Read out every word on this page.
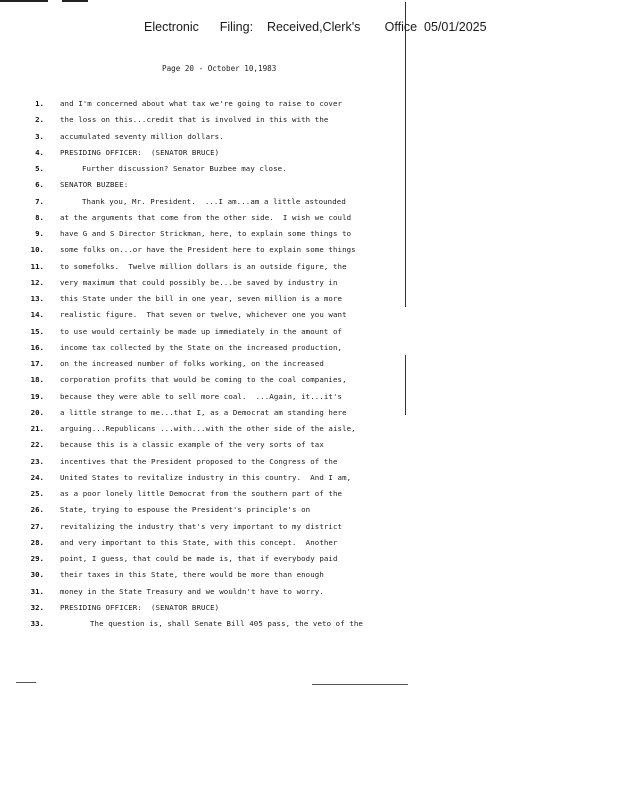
Electronic      Filing:    Received,Clerk's       Office  05/01/2025
Page 20 - October 10,1983
1. and I'm concerned about what tax we're going to raise to cover
2. the loss on this...credit that is involved in this with the
3. accumulated seventy million dollars.
4. PRESIDING OFFICER:  (SENATOR BRUCE)
5.	Further discussion? Senator Buzbee may close.
6. SENATOR BUZBEE:
7.	Thank you, Mr. President.  ...I am...am a little astounded
8. at the arguments that come from the other side.  I wish we could
9. have G and S Director Strickman, here, to explain some things to
10. some folks on...or have the President here to explain some things
11. to somefolks.  Twelve million dollars is an outside figure, the
12. very maximum that could possibly be...be saved by industry in
13. this State under the bill in one year, seven million is a more
14. realistic figure.  That seven or twelve, whichever one you want
15. to use would certainly be made up immediately in the amount of
16. income tax collected by the State on the increased production,
17. on the increased number of folks working, on the increased
18. corporation profits that would be coming to the coal companies,
19. because they were able to sell more coal.  ...Again, it...it's
20. a little strange to me...that I, as a Democrat am standing here
21. arguing...Republicans ...with...with the other side of the aisle,
22. because this is a classic example of the very sorts of tax
23. incentives that the President proposed to the Congress of the
24. United States to revitalize industry in this country.  And I am,
25. as a poor lonely little Democrat from the southern part of the
26. State, trying to espouse the President's principle's on
27. revitalizing the industry that's very important to my district
28. and very important to this State, with this concept.  Another
29. point, I guess, that could be made is, that if everybody paid
30. their taxes in this State, there would be more than enough
31. money in the State Treasury and we wouldn't have to worry.
32. PRESIDING OFFICER:  (SENATOR BRUCE)
33.	The question is, shall Senate Bill 405 pass, the veto of the
